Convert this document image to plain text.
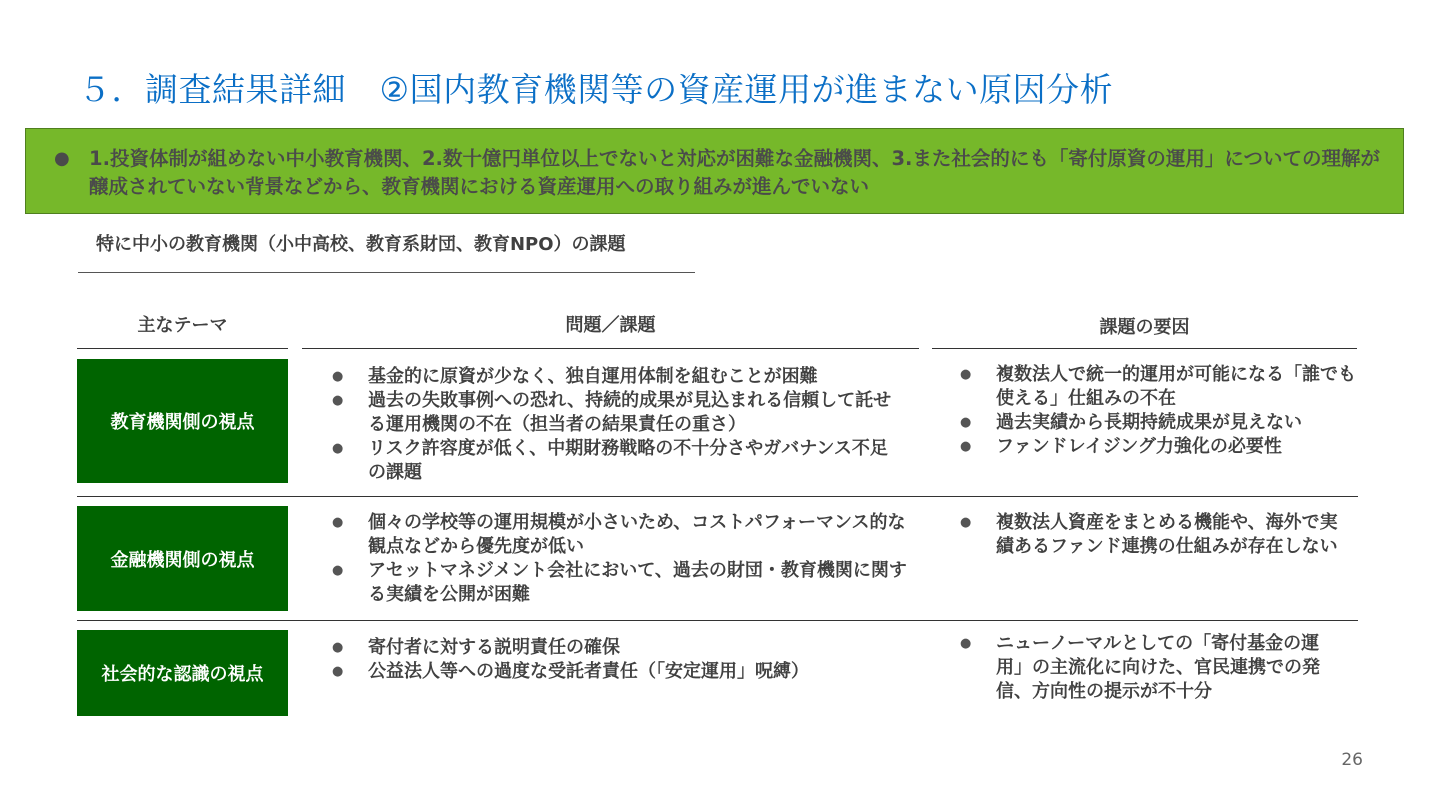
５．調査結果詳細　②国内教育機関等の資産運用が進まない原因分析
● 1.投資体制が組めない中小教育機関、2.数十億円単位以上でないと対応が困難な金融機関、3.また社会的にも「寄付原資の運用」についての理解が醸成されていない背景などから、教育機関における資産運用への取り組みが進んでいない
特に中小の教育機関（小中高校、教育系財団、教育NPO）の課題
主なテーマ	問題／課題	課題の要因
教育機関側の視点
● 基金的に原資が少なく、独自運用体制を組むことが困難
● 過去の失敗事例への恐れ、持続的成果が見込まれる信頼して託せる運用機関の不在（担当者の結果責任の重さ）
● リスク許容度が低く、中期財務戦略の不十分さやガバナンス不足の課題
● 複数法人で統一的運用が可能になる「誰でも使える」仕組みの不在
● 過去実績から長期持続成果が見えない
● ファンドレイジング力強化の必要性
金融機関側の視点
● 個々の学校等の運用規模が小さいため、コストパフォーマンス的な観点などから優先度が低い
● アセットマネジメント会社において、過去の財団・教育機関に関する実績を公開が困難
● 複数法人資産をまとめる機能や、海外で実績あるファンド連携の仕組みが存在しない
社会的な認識の視点
● 寄付者に対する説明責任の確保
● 公益法人等への過度な受託者責任（「安定運用」呪縛）
● ニューノーマルとしての「寄付基金の運用」の主流化に向けた、官民連携での発信、方向性の提示が不十分
26
